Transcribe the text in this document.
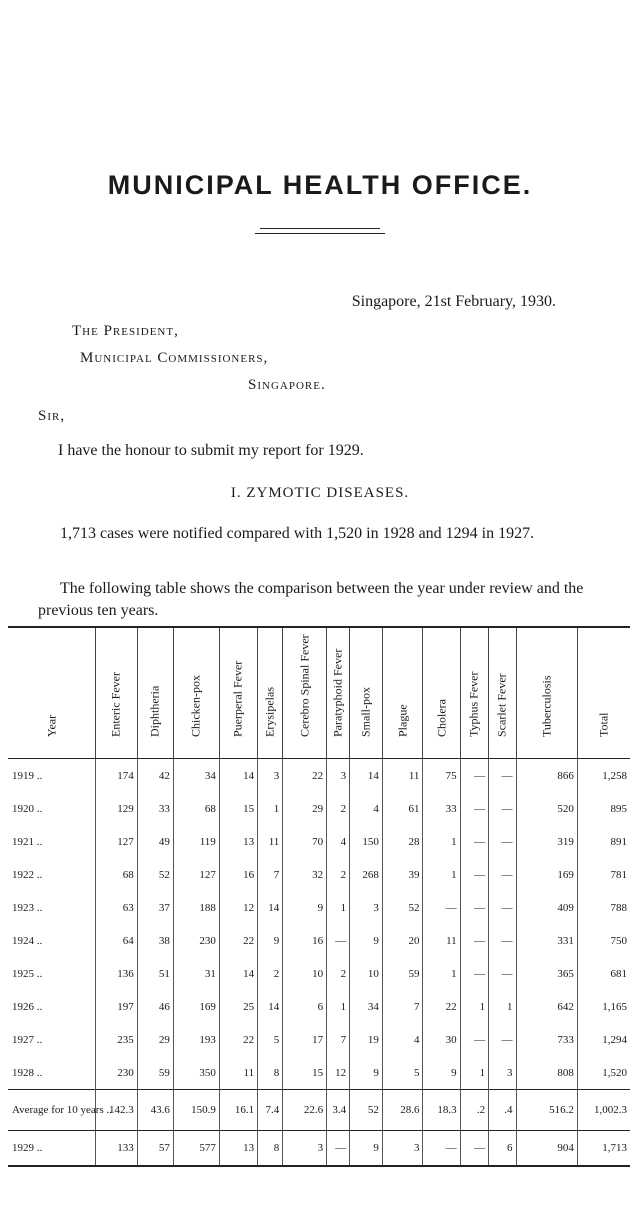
MUNICIPAL HEALTH OFFICE.
Singapore, 21st February, 1930.
The President,
Municipal Commissioners,
Singapore.
Sir,
I have the honour to submit my report for 1929.
I. ZYMOTIC DISEASES.
1,713 cases were notified compared with 1,520 in 1928 and 1294 in 1927.
The following table shows the comparison between the year under review and the previous ten years.
Year	Enteric Fever	Diphtheria	Chicken-pox	Puerperal Fever	Erysipelas	Cerebro Spinal Fever	Paratyphoid Fever	Small-pox	Plague	Cholera	Typhus Fever	Scarlet Fever	Tuberculosis	Total

1919 ..	174	42	34	14	3	22	3	14	11	75	—	—	866	1,258
1920 ..	129	33	68	15	1	29	2	4	61	33	—	—	520	895
1921 ..	127	49	119	13	11	70	4	150	28	1	—	—	319	891
1922 ..	68	52	127	16	7	32	2	268	39	1	—	—	169	781
1923 ..	63	37	188	12	14	9	1	3	52	—	—	—	409	788
1924 ..	64	38	230	22	9	16	—	9	20	11	—	—	331	750
1925 ..	136	51	31	14	2	10	2	10	59	1	—	—	365	681
1926 ..	197	46	169	25	14	6	1	34	7	22	1	1	642	1,165
1927 ..	235	29	193	22	5	17	7	19	4	30	—	—	733	1,294
1928 ..	230	59	350	11	8	15	12	9	5	9	1	3	808	1,520
Average for 10 years ..	142.3	43.6	150.9	16.1	7.4	22.6	3.4	52	28.6	18.3	.2	.4	516.2	1,002.3
1929 ..	133	57	577	13	8	3	—	9	3	—	—	6	904	1,713
